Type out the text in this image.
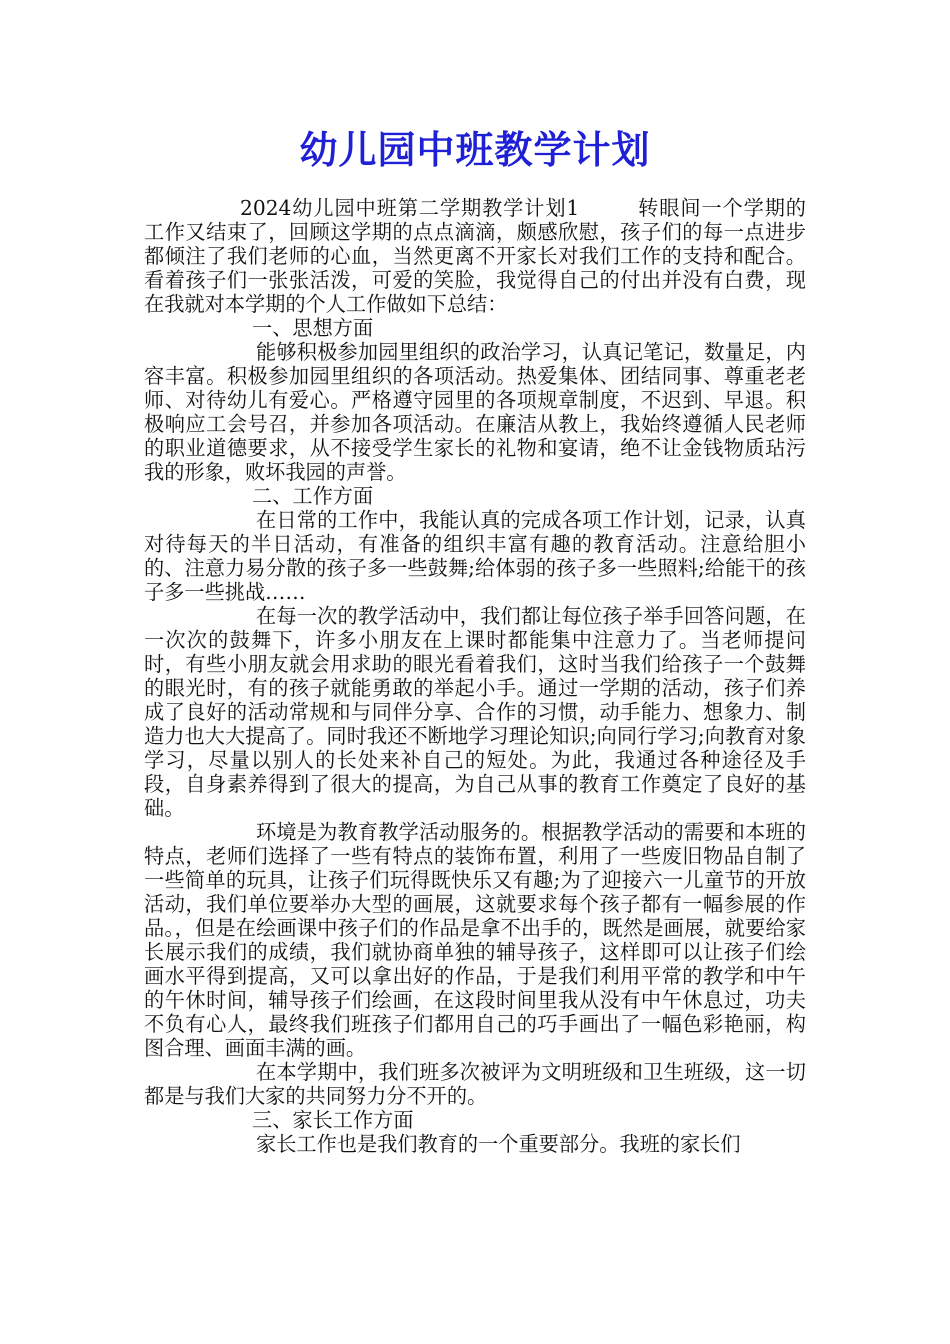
幼儿园中班教学计划

2024幼儿园中班第二学期教学计划1	转眼间一个学期的工作又结束了，回顾这学期的点点滴滴，颇感欣慰，孩子们的每一点进步都倾注了我们老师的心血，当然更离不开家长对我们工作的支持和配合。看着孩子们一张张活泼，可爱的笑脸，我觉得自己的付出并没有白费，现在我就对本学期的个人工作做如下总结：

一、思想方面

能够积极参加园里组织的政治学习，认真记笔记，数量足，内容丰富。积极参加园里组织的各项活动。热爱集体、团结同事、尊重老老师、对待幼儿有爱心。严格遵守园里的各项规章制度，不迟到、早退。积极响应工会号召，并参加各项活动。在廉洁从教上，我始终遵循人民老师的职业道德要求，从不接受学生家长的礼物和宴请，绝不让金钱物质玷污我的形象，败坏我园的声誉。

二、工作方面

在日常的工作中，我能认真的完成各项工作计划，记录，认真对待每天的半日活动，有准备的组织丰富有趣的教育活动。注意给胆小的、注意力易分散的孩子多一些鼓舞;给体弱的孩子多一些照料;给能干的孩子多一些挑战……

在每一次的教学活动中，我们都让每位孩子举手回答问题，在一次次的鼓舞下，许多小朋友在上课时都能集中注意力了。当老师提问时，有些小朋友就会用求助的眼光看着我们，这时当我们给孩子一个鼓舞的眼光时，有的孩子就能勇敢的举起小手。通过一学期的活动，孩子们养成了良好的活动常规和与同伴分享、合作的习惯，动手能力、想象力、制造力也大大提高了。同时我还不断地学习理论知识;向同行学习;向教育对象学习，尽量以别人的长处来补自己的短处。为此，我通过各种途径及手段，自身素养得到了很大的提高，为自己从事的教育工作奠定了良好的基础。

环境是为教育教学活动服务的。根据教学活动的需要和本班的特点，老师们选择了一些有特点的装饰布置，利用了一些废旧物品自制了一些简单的玩具，让孩子们玩得既快乐又有趣;为了迎接六一儿童节的开放活动，我们单位要举办大型的画展，这就要求每个孩子都有一幅参展的作品。，但是在绘画课中孩子们的作品是拿不出手的，既然是画展，就要给家长展示我们的成绩，我们就协商单独的辅导孩子，这样即可以让孩子们绘画水平得到提高，又可以拿出好的作品，于是我们利用平常的教学和中午的午休时间，辅导孩子们绘画，在这段时间里我从没有中午休息过，功夫不负有心人，最终我们班孩子们都用自己的巧手画出了一幅色彩艳丽，构图合理、画面丰满的画。

在本学期中，我们班多次被评为文明班级和卫生班级，这一切都是与我们大家的共同努力分不开的。

三、家长工作方面

家长工作也是我们教育的一个重要部分。我班的家长们
